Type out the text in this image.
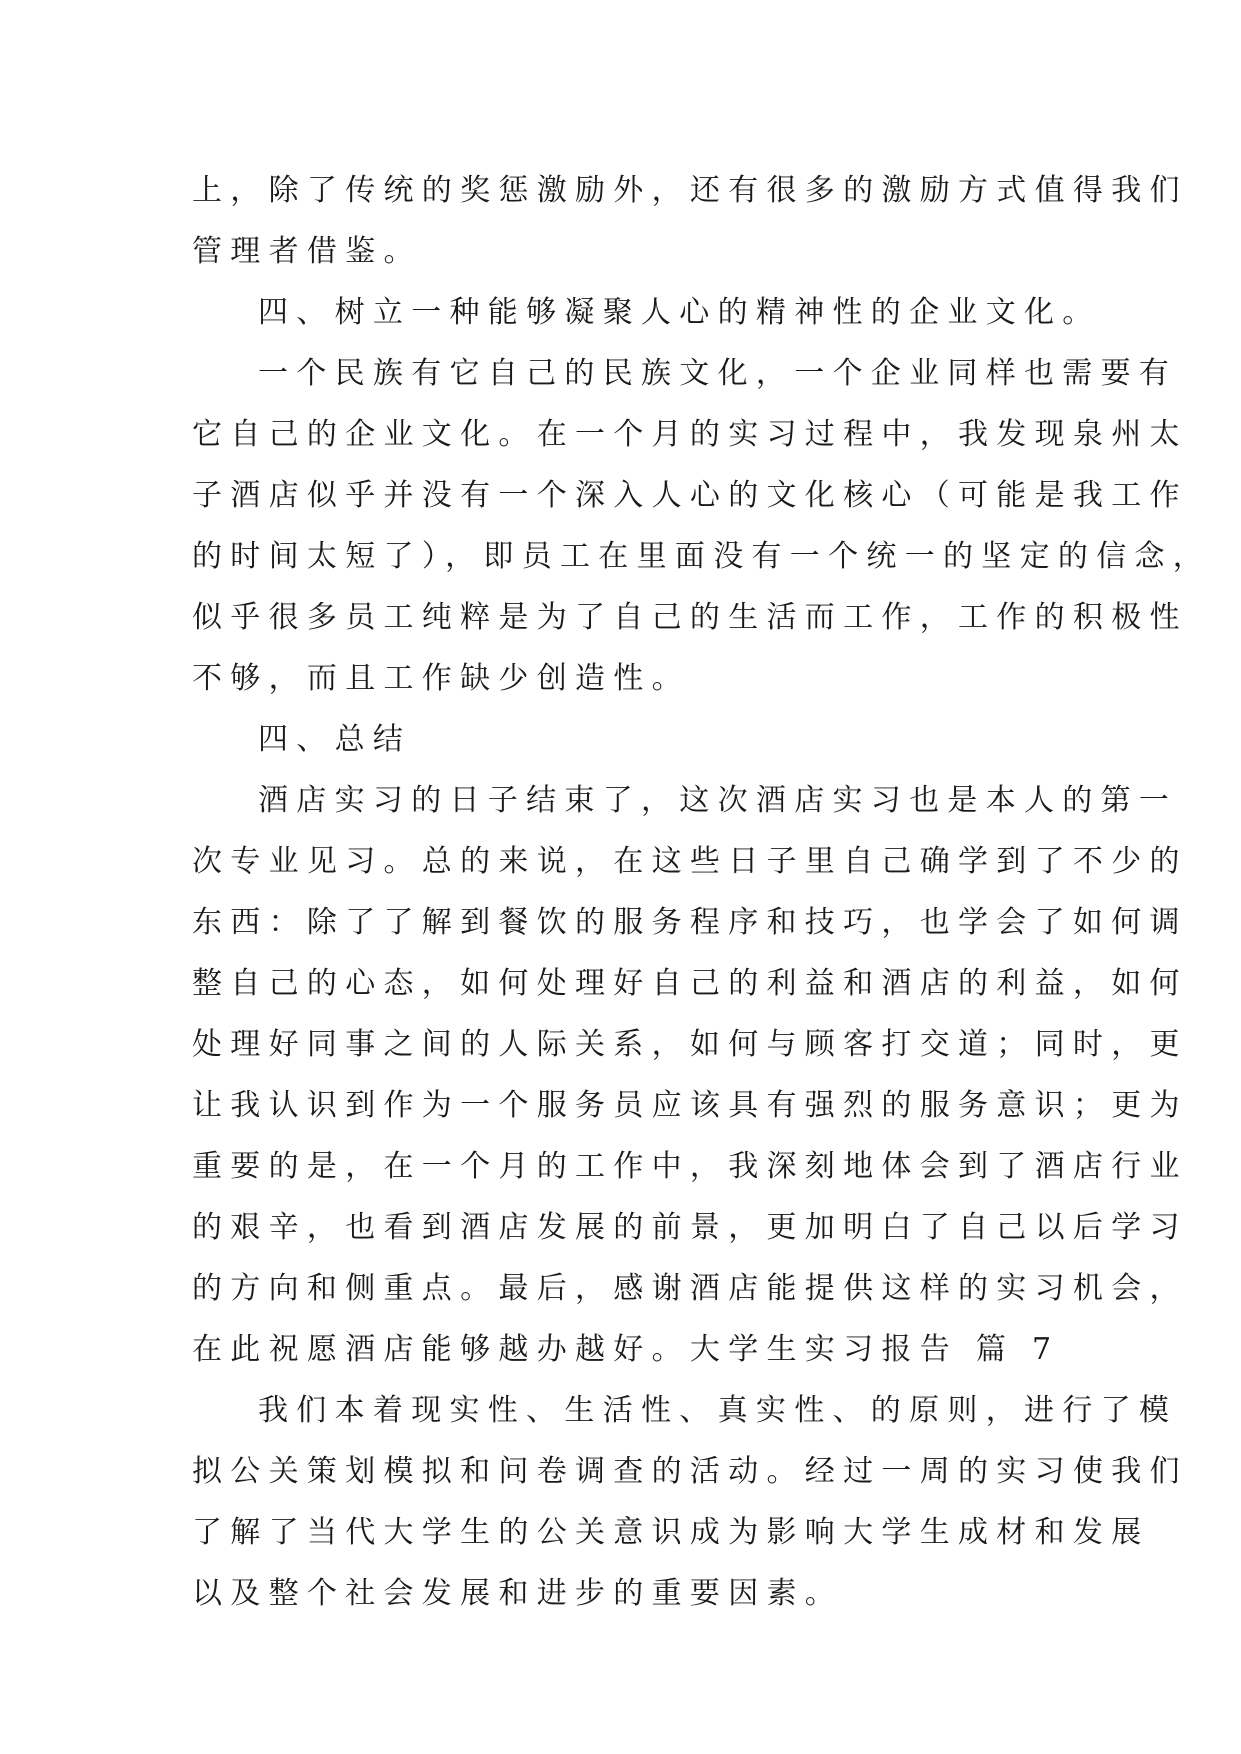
上，除了传统的奖惩激励外，还有很多的激励方式值得我们
管理者借鉴。
四、树立一种能够凝聚人心的精神性的企业文化。
一个民族有它自己的民族文化，一个企业同样也需要有
它自己的企业文化。在一个月的实习过程中，我发现泉州太
子酒店似乎并没有一个深入人心的文化核心（可能是我工作
的时间太短了），即员工在里面没有一个统一的坚定的信念，
似乎很多员工纯粹是为了自己的生活而工作，工作的积极性
不够，而且工作缺少创造性。
四、总结
酒店实习的日子结束了，这次酒店实习也是本人的第一
次专业见习。总的来说，在这些日子里自己确学到了不少的
东西：除了了解到餐饮的服务程序和技巧，也学会了如何调
整自己的心态，如何处理好自己的利益和酒店的利益，如何
处理好同事之间的人际关系，如何与顾客打交道；同时，更
让我认识到作为一个服务员应该具有强烈的服务意识；更为
重要的是，在一个月的工作中，我深刻地体会到了酒店行业
的艰辛，也看到酒店发展的前景，更加明白了自己以后学习
的方向和侧重点。最后，感谢酒店能提供这样的实习机会，
在此祝愿酒店能够越办越好。大学生实习报告 篇 7
我们本着现实性、生活性、真实性、的原则，进行了模
拟公关策划模拟和问卷调查的活动。经过一周的实习使我们
了解了当代大学生的公关意识成为影响大学生成材和发展
以及整个社会发展和进步的重要因素。
